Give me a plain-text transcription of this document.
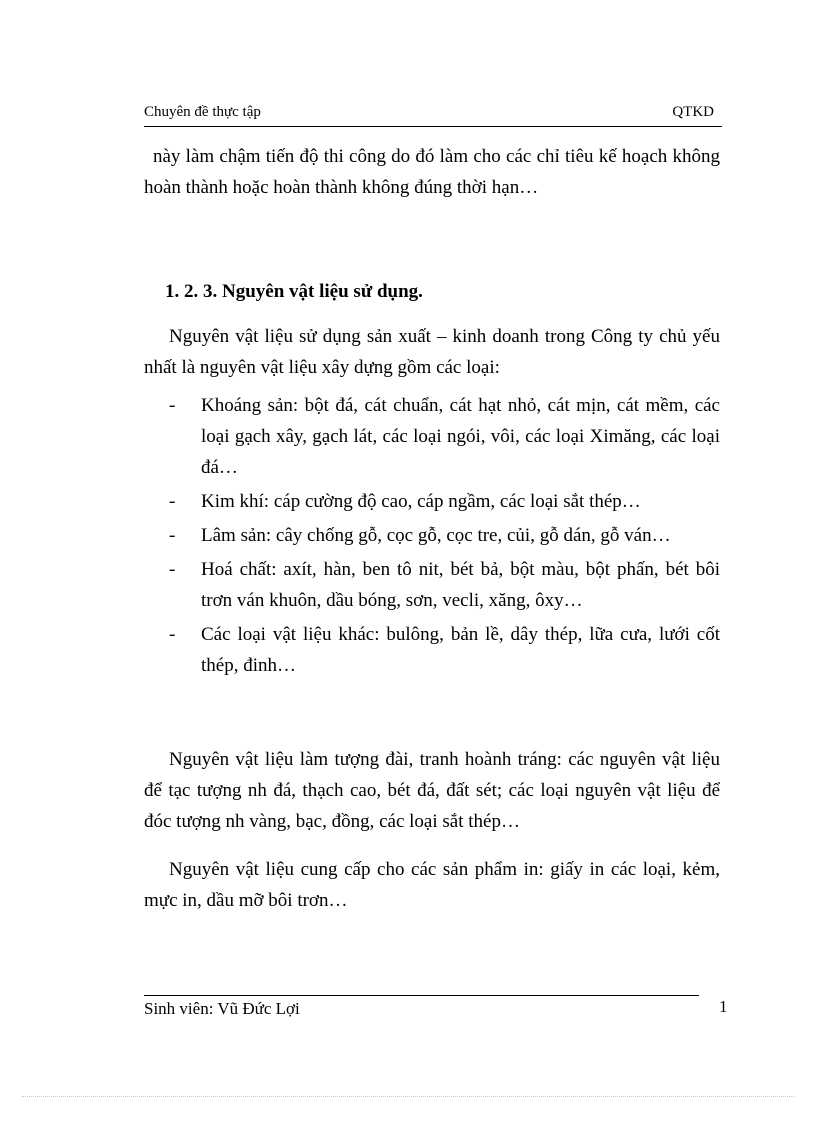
Chuyên đề thực tập	QTKD
này làm chậm tiến độ thi công do đó làm cho các chỉ tiêu kế hoạch không hoàn thành hoặc hoàn thành không đúng thời hạn…
1. 2. 3. Nguyên vật liệu sử dụng.
Nguyên vật liệu sử dụng sản xuất – kinh doanh trong Công ty chủ yếu nhất là nguyên vật liệu xây dựng gồm các loại:
- Khoáng sản: bột đá, cát chuẩn, cát hạt nhỏ, cát mịn, cát mềm, các loại gạch xây, gạch lát, các loại ngói, vôi, các loại Ximăng, các loại đá…
- Kim khí: cáp cường độ cao, cáp ngầm, các loại sắt thép…
- Lâm sản: cây chống gỗ, cọc gỗ, cọc tre, củi, gỗ dán, gỗ ván…
- Hoá chất: axít, hàn, ben tô nit, bét bả, bột màu, bột phấn, bét bôi trơn ván khuôn, dầu bóng, sơn, vecli, xăng, ôxy…
- Các loại vật liệu khác: bulông, bản lề, dây thép, lữa cưa, lưới cốt thép, đinh…
Nguyên vật liệu làm tượng đài, tranh hoành tráng: các nguyên vật liệu để tạc tượng nh đá, thạch cao, bét đá, đất sét; các loại nguyên vật liệu để đóc tượng nh vàng, bạc, đồng, các loại sắt thép…
Nguyên vật liệu cung cấp cho các sản phẩm in: giấy in các loại, kẻm, mực in, dầu mỡ bôi trơn…
Sinh viên: Vũ Đức Lợi	1
